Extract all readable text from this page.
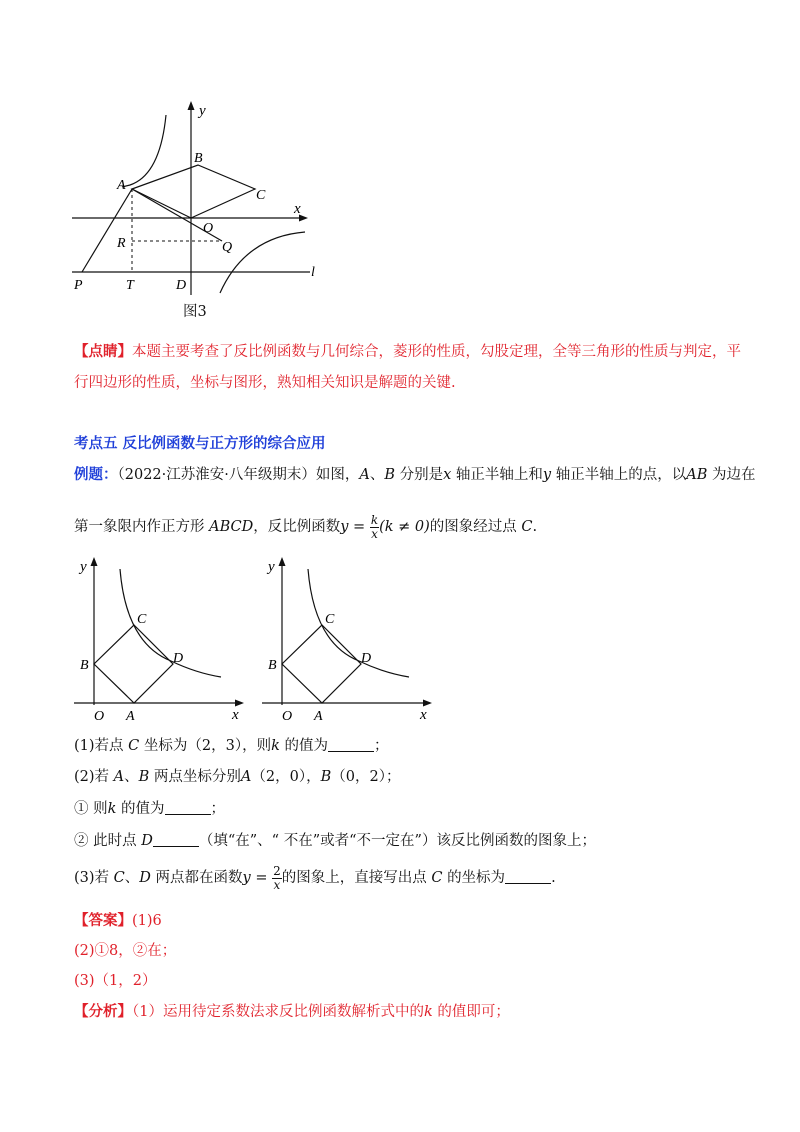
y
x
B
A
C
O
Q
R
P	T	D
l
图3
【点睛】本题主要考查了反比例函数与几何综合，菱形的性质，勾股定理，全等三角形的性质与判定，平
行四边形的性质，坐标与图形，熟知相关知识是解题的关键.
考点五 反比例函数与正方形的综合应用
例题：（2022·江苏淮安·八年级期末）如图，A、B 分别是x 轴正半轴上和y 轴正半轴上的点，以AB 为边在
第一象限内作正方形 ABCD，反比例函数$y = \frac{k}{x} (k \ne 0)$的图象经过点 C.
y
x
O A
B
C
D
y
x
O A
B
C
D
(1)若点 C 坐标为（2，3），则k 的值为	；
(2)若 A、B 两点坐标分别A（2，0），B（0，2）；
① 则k 的值为	；
② 此时点 D	（填“在”、“ 不在”或者“不一定在”）该反比例函数的图象上；
(3)若 C、D 两点都在函数$y = \frac{2}{x}$ 的图象上，直接写出点 C 的坐标为	.
【答案】(1)6
(2)①8，②在；
(3)（1，2）
【分析】（1）运用待定系数法求反比例函数解析式中的k 的值即可；
